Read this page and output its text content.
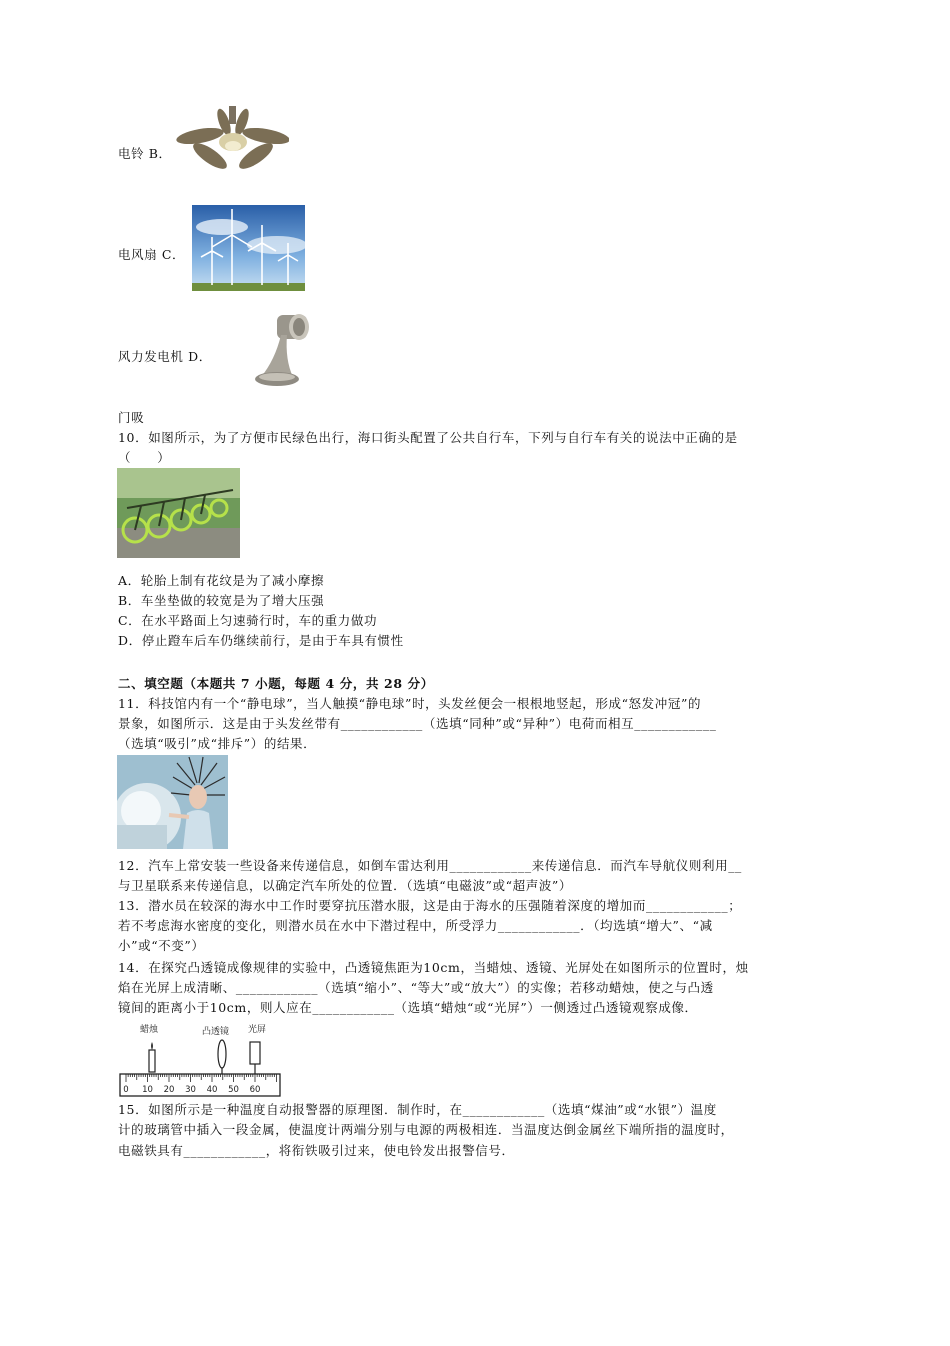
电铃 B．
电风扇 C．
风力发电机 D．
门吸
10．如图所示，为了方便市民绿色出行，海口街头配置了公共自行车，下列与自行车有关的说法中正确的是
（　　）
A．轮胎上制有花纹是为了减小摩擦
B．车坐垫做的较宽是为了增大压强
C．在水平路面上匀速骑行时，车的重力做功
D．停止蹬车后车仍继续前行，是由于车具有惯性
二、填空题（本题共 7 小题，每题 4 分，共 28 分）
11．科技馆内有一个“静电球”，当人触摸“静电球”时，头发丝便会一根根地竖起，形成“怒发冲冠”的
景象，如图所示．这是由于头发丝带有____________（选填“同种”或“异种”）电荷而相互____________
（选填“吸引”成“排斥”）的结果．
12．汽车上常安装一些设备来传递信息，如倒车雷达利用____________来传递信息．而汽车导航仪则利用__
与卫星联系来传递信息，以确定汽车所处的位置．（选填“电磁波”或“超声波”）
13．潜水员在较深的海水中工作时要穿抗压潜水服，这是由于海水的压强随着深度的增加而____________；
若不考虑海水密度的变化，则潜水员在水中下潜过程中，所受浮力____________．（均选填“增大”、“减
小”或“不变”）
14．在探究凸透镜成像规律的实验中，凸透镜焦距为10cm，当蜡烛、透镜、光屏处在如图所示的位置时，烛
焰在光屏上成清晰、____________（选填“缩小”、“等大”或“放大”）的实像；若移动蜡烛，使之与凸透
镜间的距离小于10cm，则人应在____________（选填“蜡烛“或“光屏”）一侧透过凸透镜观察成像．
蜡烛	凸透镜 光屏
0 10 20 30 40 50 60
15．如图所示是一种温度自动报警器的原理图．制作时，在____________（选填“煤油”或“水银”）温度
计的玻璃管中插入一段金属，使温度计两端分别与电源的两极相连．当温度达倒金属丝下端所指的温度时，
电磁铁具有____________，将衔铁吸引过来，使电铃发出报警信号．
